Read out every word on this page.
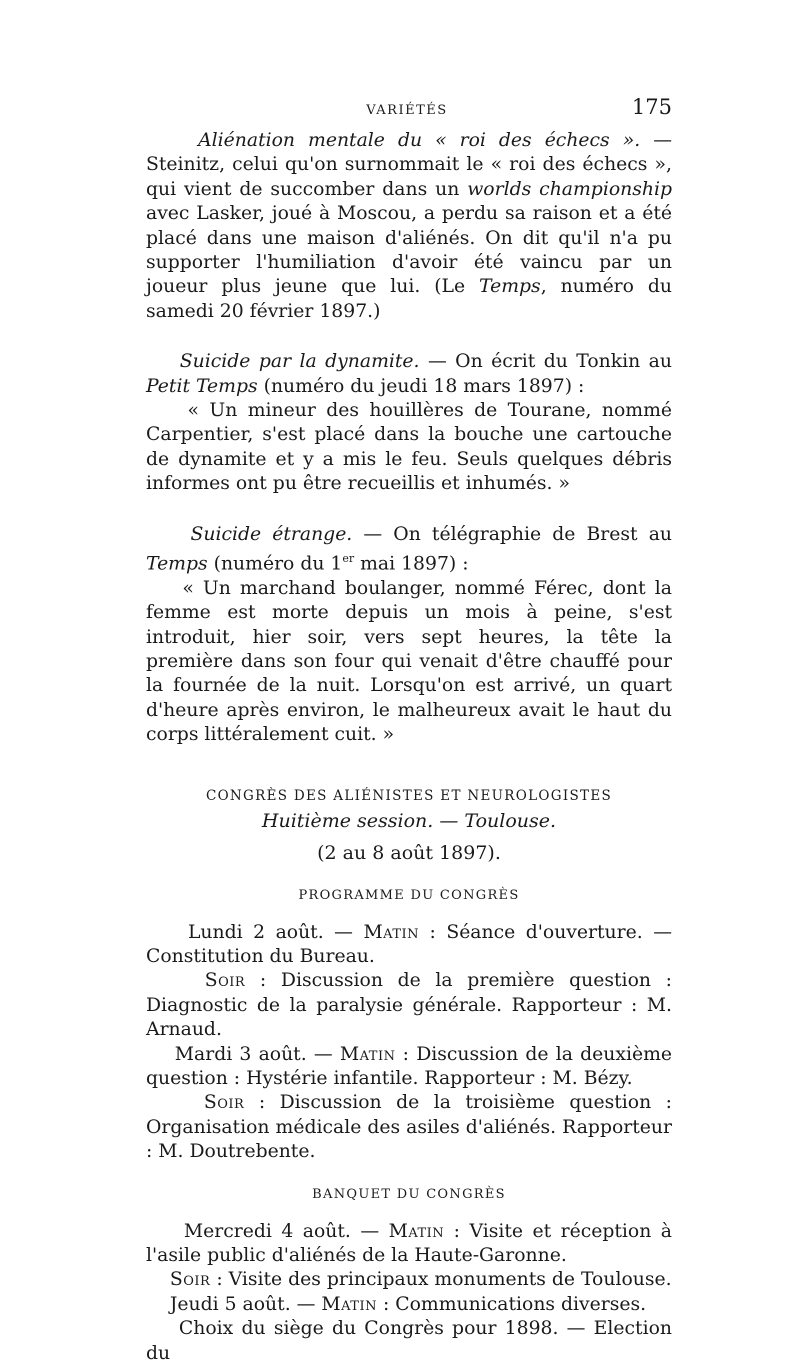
VARIÉTÉS	175

Aliénation mentale du « roi des échecs ». — Steinitz, celui qu'on surnommait le « roi des échecs », qui vient de succomber dans un worlds championship avec Lasker, joué à Moscou, a perdu sa raison et a été placé dans une maison d'aliénés. On dit qu'il n'a pu supporter l'humiliation d'avoir été vaincu par un joueur plus jeune que lui. (Le Temps, numéro du samedi 20 février 1897.)

Suicide par la dynamite. — On écrit du Tonkin au Petit Temps (numéro du jeudi 18 mars 1897) :

« Un mineur des houillères de Tourane, nommé Carpentier, s'est placé dans la bouche une cartouche de dynamite et y a mis le feu. Seuls quelques débris informes ont pu être recueillis et inhumés. »

Suicide étrange. — On télégraphie de Brest au Temps (numéro du 1er mai 1897) :

« Un marchand boulanger, nommé Férec, dont la femme est morte depuis un mois à peine, s'est introduit, hier soir, vers sept heures, la tête la première dans son four qui venait d'être chauffé pour la fournée de la nuit. Lorsqu'on est arrivé, un quart d'heure après environ, le malheureux avait le haut du corps littéralement cuit. »

CONGRÈS DES ALIÉNISTES ET NEUROLOGISTES
Huitième session. — Toulouse.
(2 au 8 août 1897).
PROGRAMME DU CONGRÈS

Lundi 2 août. — Matin : Séance d'ouverture. — Constitution du Bureau.

Soir : Discussion de la première question : Diagnostic de la paralysie générale. Rapporteur : M. Arnaud.

Mardi 3 août. — Matin : Discussion de la deuxième question : Hystérie infantile. Rapporteur : M. Bézy.

Soir : Discussion de la troisième question : Organisation médicale des asiles d'aliénés. Rapporteur : M. Doutrebente.

BANQUET DU CONGRÈS

Mercredi 4 août. — Matin : Visite et réception à l'asile public d'aliénés de la Haute-Garonne.

Soir : Visite des principaux monuments de Toulouse.

Jeudi 5 août. — Matin : Communications diverses.

Choix du siège du Congrès pour 1898. — Election du
